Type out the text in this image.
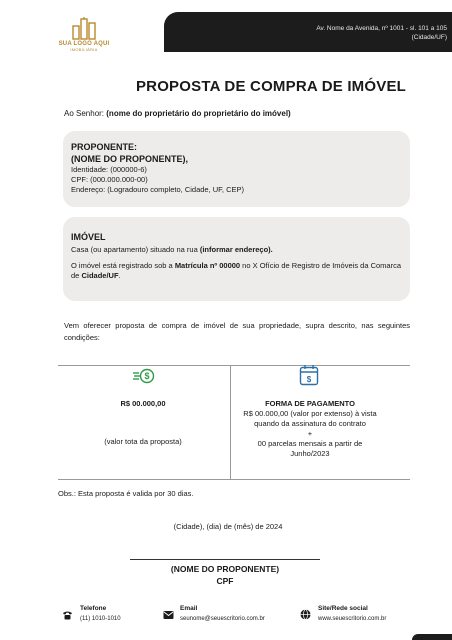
SUA LOGO AQUI
IMOBILIÁRIA
Av. Nome da Avenida, nº 1001 - sl. 101 a 105
(Cidade/UF)
PROPOSTA DE COMPRA DE IMÓVEL
Ao Senhor: (nome do proprietário do proprietário do imóvel)
PROPONENTE:
(NOME DO PROPONENTE),
Identidade: (000000-6)
CPF: (000.000.000-00)
Endereço: (Logradouro completo, Cidade, UF, CEP)
IMÓVEL

Casa (ou apartamento) situado na rua (informar endereço).

O imóvel está registrado sob a Matrícula nº 00000 no X Ofício de Registro de Imóveis da Comarca de Cidade/UF.

Vem oferecer proposta de compra de imóvel de sua propriedade, supra descrito, nas seguintes condições:
$
R$ 00.000,00
(valor tota da proposta)
$
FORMA DE PAGAMENTO
R$ 00.000,00 (valor por extenso) à vista
quando da assinatura do contrato
+
00 parcelas mensais a partir de
Junho/2023
Obs.: Esta proposta é valida por 30 dias.
(Cidade), (dia) de (mês) de 2024
(NOME DO PROPONENTE)
CPF
Telefone
(11) 1010-1010
Email
seunome@seuescritorio.com.br
Site/Rede social
www.seuescritorio.com.br
